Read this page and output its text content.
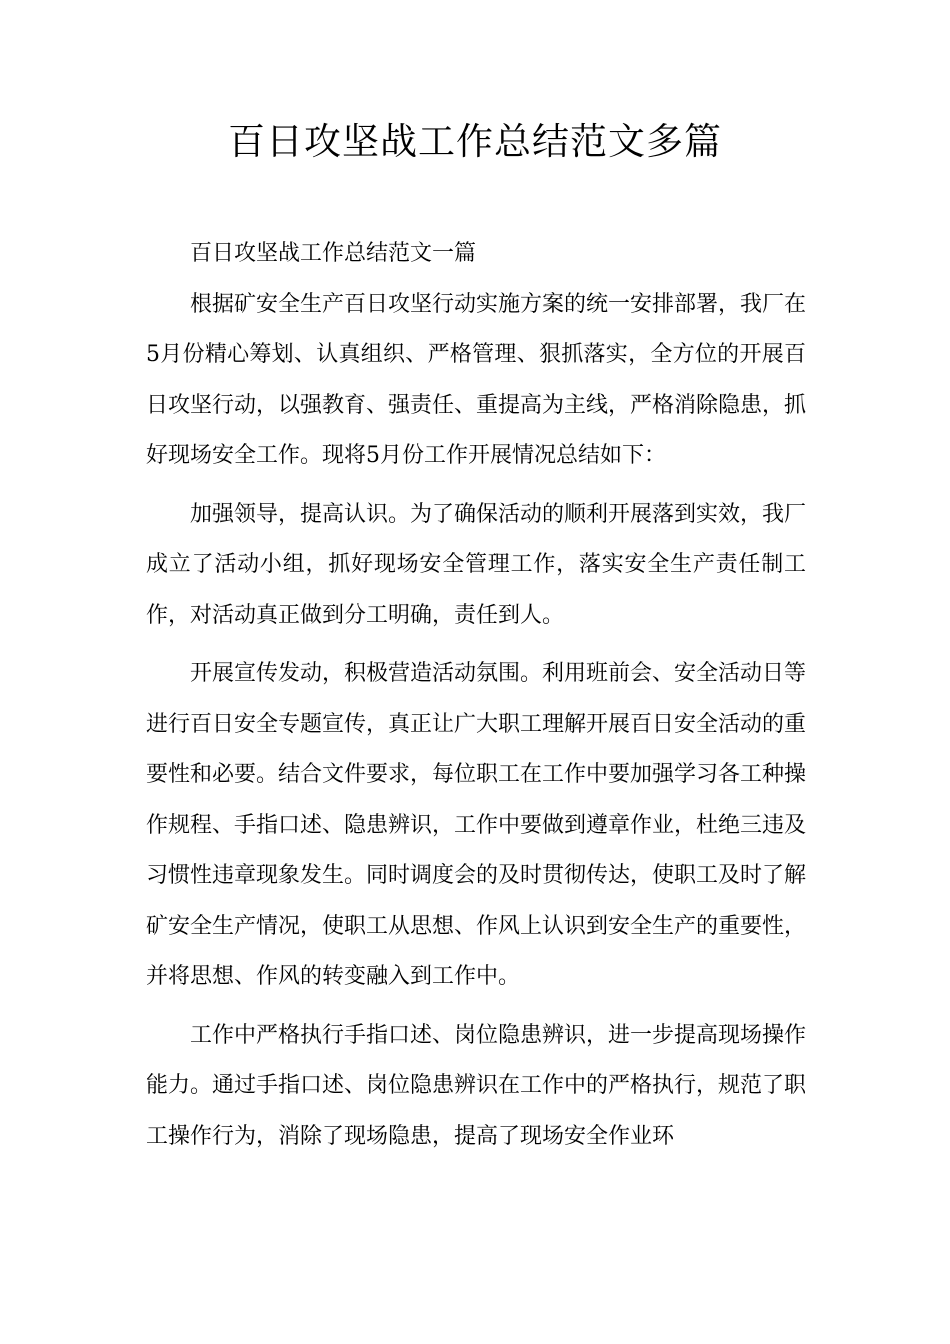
百日攻坚战工作总结范文多篇

百日攻坚战工作总结范文一篇

根据矿安全生产百日攻坚行动实施方案的统一安排部署，我厂在5月份精心筹划、认真组织、严格管理、狠抓落实，全方位的开展百日攻坚行动，以强教育、强责任、重提高为主线，严格消除隐患，抓好现场安全工作。现将5月份工作开展情况总结如下：

加强领导，提高认识。为了确保活动的顺利开展落到实效，我厂成立了活动小组，抓好现场安全管理工作，落实安全生产责任制工作，对活动真正做到分工明确，责任到人。

开展宣传发动，积极营造活动氛围。利用班前会、安全活动日等进行百日安全专题宣传，真正让广大职工理解开展百日安全活动的重要性和必要。结合文件要求，每位职工在工作中要加强学习各工种操作规程、手指口述、隐患辨识，工作中要做到遵章作业，杜绝三违及习惯性违章现象发生。同时调度会的及时贯彻传达，使职工及时了解矿安全生产情况，使职工从思想、作风上认识到安全生产的重要性，并将思想、作风的转变融入到工作中。

工作中严格执行手指口述、岗位隐患辨识，进一步提高现场操作能力。通过手指口述、岗位隐患辨识在工作中的严格执行，规范了职工操作行为，消除了现场隐患，提高了现场安全作业环
